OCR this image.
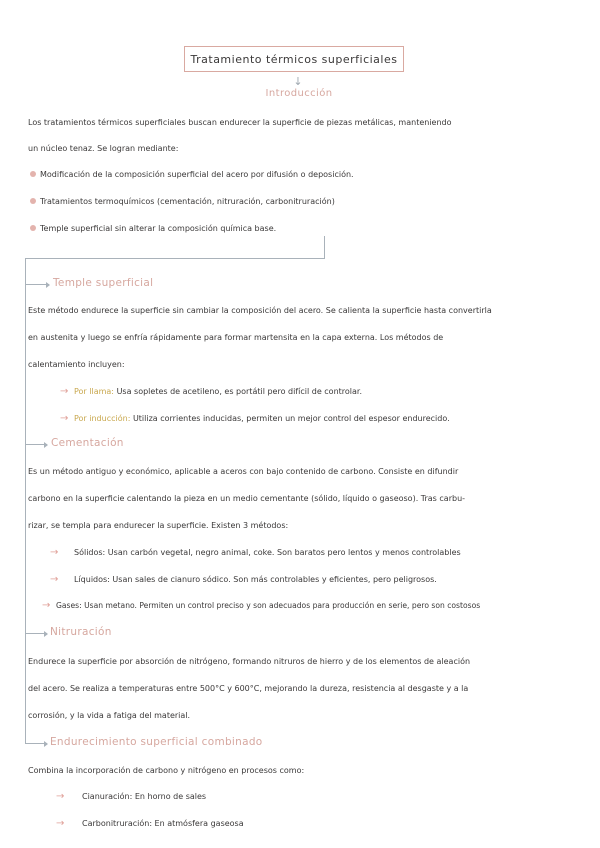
Tratamiento térmicos superficiales
↓
Introducción
Los tratamientos térmicos superficiales buscan endurecer la superficie de piezas metálicas, manteniendo
un núcleo tenaz. Se logran mediante:
Modificación de la composición superficial del acero por difusión o deposición.
Tratamientos termoquímicos (cementación, nitruración, carbonitruración)
Temple superficial sin alterar la composición química base.
Temple superficial
Este método endurece la superficie sin cambiar la composición del acero. Se calienta la superficie hasta convertirla
en austenita y luego se enfría rápidamente para formar martensita en la capa externa. Los métodos de
calentamiento incluyen:
→ Por llama: Usa sopletes de acetileno, es portátil pero difícil de controlar.
→ Por inducción: Utiliza corrientes inducidas, permiten un mejor control del espesor endurecido.
Cementación
Es un método antiguo y económico, aplicable a aceros con bajo contenido de carbono. Consiste en difundir
carbono en la superficie calentando la pieza en un medio cementante (sólido, líquido o gaseoso). Tras carbu-
rizar, se templa para endurecer la superficie. Existen 3 métodos:
→ Sólidos: Usan carbón vegetal, negro animal, coke. Son baratos pero lentos y menos controlables
→ Líquidos: Usan sales de cianuro sódico. Son más controlables y eficientes, pero peligrosos.
→ Gases: Usan metano. Permiten un control preciso y son adecuados para producción en serie, pero son costosos
Nitruración
Endurece la superficie por absorción de nitrógeno, formando nitruros de hierro y de los elementos de aleación
del acero. Se realiza a temperaturas entre 500°C y 600°C, mejorando la dureza, resistencia al desgaste y a la
corrosión, y la vida a fatiga del material.
Endurecimiento superficial combinado
Combina la incorporación de carbono y nitrógeno en procesos como:
→ Cianuración: En horno de sales
→ Carbonitruración: En atmósfera gaseosa
